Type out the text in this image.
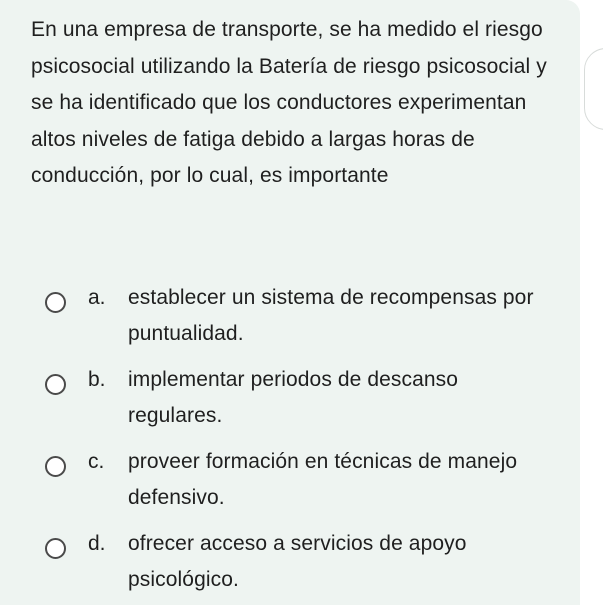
En una empresa de transporte, se ha medido el riesgo psicosocial utilizando la Batería de riesgo psicosocial y se ha identificado que los conductores experimentan altos niveles de fatiga debido a largas horas de conducción, por lo cual, es importante

a. establecer un sistema de recompensas por puntualidad.
b. implementar periodos de descanso regulares.
c. proveer formación en técnicas de manejo defensivo.
d. ofrecer acceso a servicios de apoyo psicológico.
